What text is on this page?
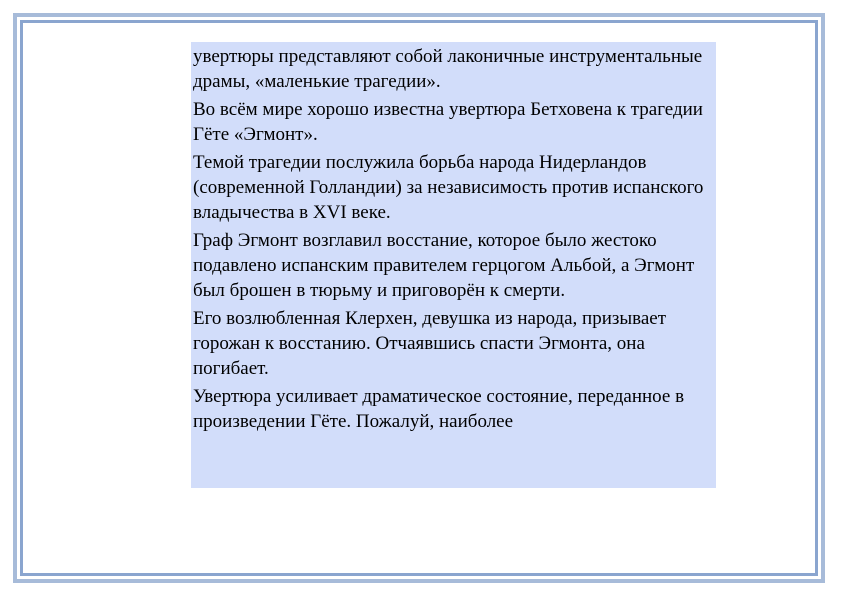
увертюры представляют собой лаконичные инструментальные драмы, «маленькие трагедии».

Во всём мире хорошо известна увертюра Бетховена к трагедии Гёте «Эгмонт».

Темой трагедии послужила борьба народа Нидерландов (современной Голландии) за независимость против испанского владычества в XVI веке.

Граф Эгмонт возглавил восстание, которое было жестоко подавлено испанским правителем герцогом Альбой, а Эгмонт был брошен в тюрьму и приговорён к смерти.

Его возлюбленная Клерхен, девушка из народа, призывает горожан к восстанию. Отчаявшись спасти Эгмонта, она погибает.

Увертюра усиливает драматическое состояние, переданное в произведении Гёте. Пожалуй, наиболее
